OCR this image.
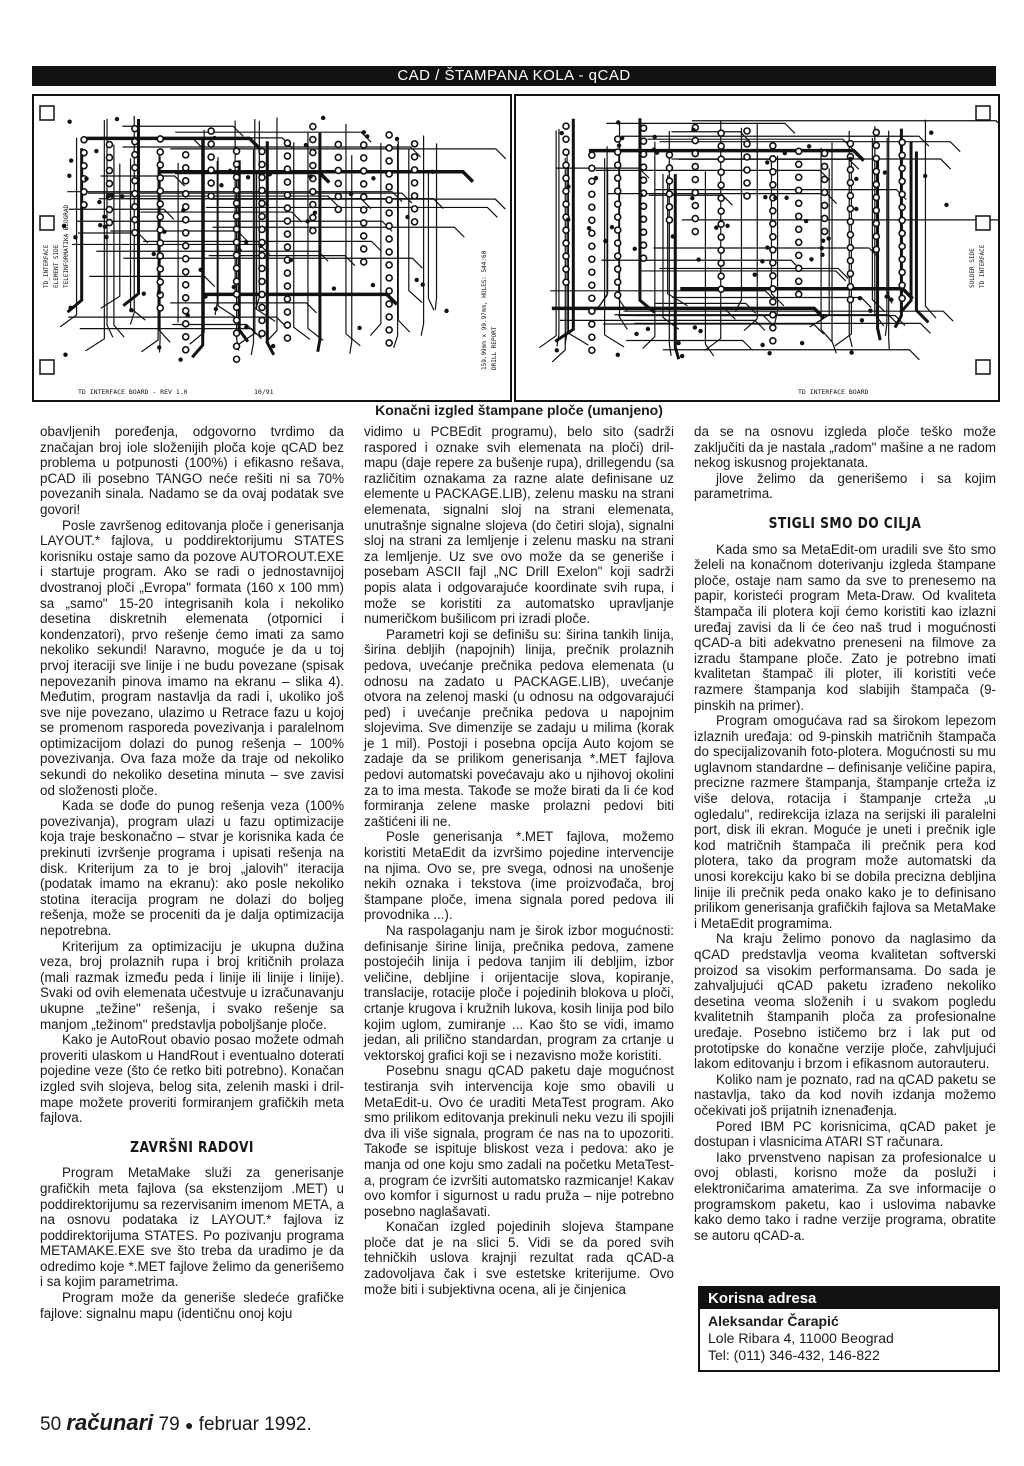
CAD / ŠTAMPANA KOLA - qCAD
TD INTERFACE BOARD - REV 1.0	10/91
TD_INTERFACE ELEMENT SIDE TELEINFORMATIKA BEOGRAD
DRILL REPORT
159.99mm x 99.97mm, HOLES: 544:60
TD INTERFACE BOARD
TD INTERFACE
SOLDER SIDE
Konačni izgled štampane ploče (umanjeno)

obavljenih poređenja, odgovorno tvrdimo da značajan broj iole složenijih ploča koje qCAD bez problema u potpunosti (100%) i efikasno rešava, pCAD ili posebno TANGO neće rešiti ni sa 70% povezanih sinala. Nadamo se da ovaj podatak sve govori!

Posle završenog editovanja ploče i generisanja LAYOUT.* fajlova, u poddirektorijumu STATES korisniku ostaje samo da pozove AUTOROUT.EXE i startuje program. Ako se radi o jednostavnijoj dvostranoj ploči „Evropa" formata (160 x 100 mm) sa „samo" 15-20 integrisanih kola i nekoliko desetina diskretnih elemenata (otpornici i kondenzatori), prvo rešenje ćemo imati za samo nekoliko sekundi! Naravno, moguće je da u toj prvoj iteraciji sve linije i ne budu povezane (spisak nepovezanih pinova imamo na ekranu – slika 4). Međutim, program nastavlja da radi i, ukoliko još sve nije povezano, ulazimo u Retrace fazu u kojoj se promenom rasporeda povezivanja i paralelnom optimizacijom dolazi do punog rešenja – 100% povezivanja. Ova faza može da traje od nekoliko sekundi do nekoliko desetina minuta – sve zavisi od složenosti ploče.

Kada se dođe do punog rešenja veza (100% povezivanja), program ulazi u fazu optimizacije koja traje beskonačno – stvar je korisnika kada će prekinuti izvršenje programa i upisati rešenja na disk. Kriterijum za to je broj „jalovih" iteracija (podatak imamo na ekranu): ako posle nekoliko stotina iteracija program ne dolazi do boljeg rešenja, može se proceniti da je dalja optimizacija nepotrebna.

Kriterijum za optimizaciju je ukupna dužina veza, broj prolaznih rupa i broj kritičnih prolaza (mali razmak između peda i linije ili linije i linije). Svaki od ovih elemenata učestvuje u izračunavanju ukupne „težine" rešenja, i svako rešenje sa manjom „težinom" predstavlja poboljšanje ploče.

Kako je AutoRout obavio posao možete odmah proveriti ulaskom u HandRout i eventualno doterati pojedine veze (što će retko biti potrebno). Konačan izgled svih slojeva, belog sita, zelenih maski i dril-mape možete proveriti formiranjem grafičkih meta fajlova.

ZAVRŠNI RADOVI

Program MetaMake služi za generisanje grafičkih meta fajlova (sa ekstenzijom .MET) u poddirektorijumu sa rezervisanim imenom META, a na osnovu podataka iz LAYOUT.* fajlova iz poddirektorijuma STATES. Po pozivanju programa METAMAKE.EXE sve što treba da uradimo je da odredimo koje *.MET fajlove želimo da generišemo i sa kojim parametrima.

Program može da generiše sledeće grafičke fajlove: signalnu mapu (identičnu onoj koju

vidimo u PCBEdit programu), belo sito (sadrži raspored i oznake svih elemenata na ploči) dril-mapu (daje repere za bušenje rupa), drillegendu (sa različitim oznakama za razne alate definisane uz elemente u PACKAGE.LIB), zelenu masku na strani elemenata, signalni sloj na strani elemenata, unutrašnje signalne slojeva (do četiri sloja), signalni sloj na strani za lemljenje i zelenu masku na strani za lemljenje. Uz sve ovo može da se generiše i posebam ASCII fajl „NC Drill Exelon" koji sadrži popis alata i odgovarajuće koordinate svih rupa, i može se koristiti za automatsko upravljanje numeričkom bušilicom pri izradi ploče.

Parametri koji se definišu su: širina tankih linija, širina debljih (napojnih) linija, prečnik prolaznih pedova, uvećanje prečnika pedova elemenata (u odnosu na zadato u PACKAGE.LIB), uvećanje otvora na zelenoj maski (u odnosu na odgovarajući ped) i uvećanje prečnika pedova u napojnim slojevima. Sve dimenzije se zadaju u milima (korak je 1 mil). Postoji i posebna opcija Auto kojom se zadaje da se prilikom generisanja *.MET fajlova pedovi automatski povećavaju ako u njihovoj okolini za to ima mesta. Takođe se može birati da li će kod formiranja zelene maske prolazni pedovi biti zaštićeni ili ne.

Posle generisanja *.MET fajlova, možemo koristiti MetaEdit da izvršimo pojedine intervencije na njima. Ovo se, pre svega, odnosi na unošenje nekih oznaka i tekstova (ime proizvođača, broj štampane ploče, imena signala pored pedova ili provodnika ...).

Na raspolaganju nam je širok izbor mogućnosti: definisanje širine linija, prečnika pedova, zamene postojećih linija i pedova tanjim ili debljim, izbor veličine, debljine i orijentacije slova, kopiranje, translacije, rotacije ploče i pojedinih blokova u ploči, crtanje krugova i kružnih lukova, kosih linija pod bilo kojim uglom, zumiranje ... Kao što se vidi, imamo jedan, ali prilično standardan, program za crtanje u vektorskoj grafici koji se i nezavisno može koristiti.

Posebnu snagu qCAD paketu daje mogućnost testiranja svih intervencija koje smo obavili u MetaEdit-u. Ovo će uraditi MetaTest program. Ako smo prilikom editovanja prekinuli neku vezu ili spojili dva ili više signala, program će nas na to upozoriti. Takođe se ispituje bliskost veza i pedova: ako je manja od one koju smo zadali na početku MetaTest-a, program će izvršiti automatsko razmicanje! Kakav ovo komfor i sigurnost u radu pruža – nije potrebno posebno naglašavati.

Konačan izgled pojedinih slojeva štampane ploče dat je na slici 5. Vidi se da pored svih tehničkih uslova krajnji rezultat rada qCAD-a zadovoljava čak i sve estetske kriterijume. Ovo može biti i subjektivna ocena, ali je činjenica

da se na osnovu izgleda ploče teško može zaključiti da je nastala „radom" mašine a ne radom nekog iskusnog projektanata.

jlove želimo da generišemo i sa kojim parametrima.

STIGLI SMO DO CILJA

Kada smo sa MetaEdit-om uradili sve što smo želeli na konačnom doterivanju izgleda štampane ploče, ostaje nam samo da sve to prenesemo na papir, koristeći program Meta-Draw. Od kvaliteta štampača ili plotera koji ćemo koristiti kao izlazni uređaj zavisi da li će ćeo naš trud i mogućnosti qCAD-a biti adekvatno preneseni na filmove za izradu štampane ploče. Zato je potrebno imati kvalitetan štampač ili ploter, ili koristiti veće razmere štampanja kod slabijih štampača (9-pinskih na primer).

Program omogućava rad sa širokom lepezom izlaznih uređaja: od 9-pinskih matričnih štampača do specijalizovanih foto-plotera. Mogućnosti su mu uglavnom standardne – definisanje veličine papira, precizne razmere štampanja, štampanje crteža iz više delova, rotacija i štampanje crteža „u ogledalu", redirekcija izlaza na serijski ili paralelni port, disk ili ekran. Moguće je uneti i prečnik igle kod matričnih štampača ili prečnik pera kod plotera, tako da program može automatski da unosi korekciju kako bi se dobila precizna debljina linije ili prečnik peda onako kako je to definisano prilikom generisanja grafičkih fajlova sa MetaMake i MetaEdit programima.

Na kraju želimo ponovo da naglasimo da qCAD predstavlja veoma kvalitetan softverski proizod sa visokim performansama. Do sada je zahvaljujući qCAD paketu izrađeno nekoliko desetina veoma složenih i u svakom pogledu kvalitetnih štampanih ploča za profesionalne uređaje. Posebno ističemo brz i lak put od prototipske do konačne verzije ploče, zahvljujući lakom editovanju i brzom i efikasnom autorauteru.

Koliko nam je poznato, rad na qCAD paketu se nastavlja, tako da kod novih izdanja možemo očekivati još prijatnih iznenađenja.

Pored IBM PC korisnicima, qCAD paket je dostupan i vlasnicima ATARI ST računara.

Iako prvenstveno napisan za profesionalce u ovoj oblasti, korisno može da posluži i elektroničarima amaterima. Za sve informacije o programskom paketu, kao i uslovima nabavke kako demo tako i radne verzije programa, obratite se autoru qCAD-a.

Korisna adresa
Aleksandar Čarapić
Lole Ribara 4, 11000 Beograd
Tel: (011) 346-432, 146-822
50 računari 79 ● februar 1992.
